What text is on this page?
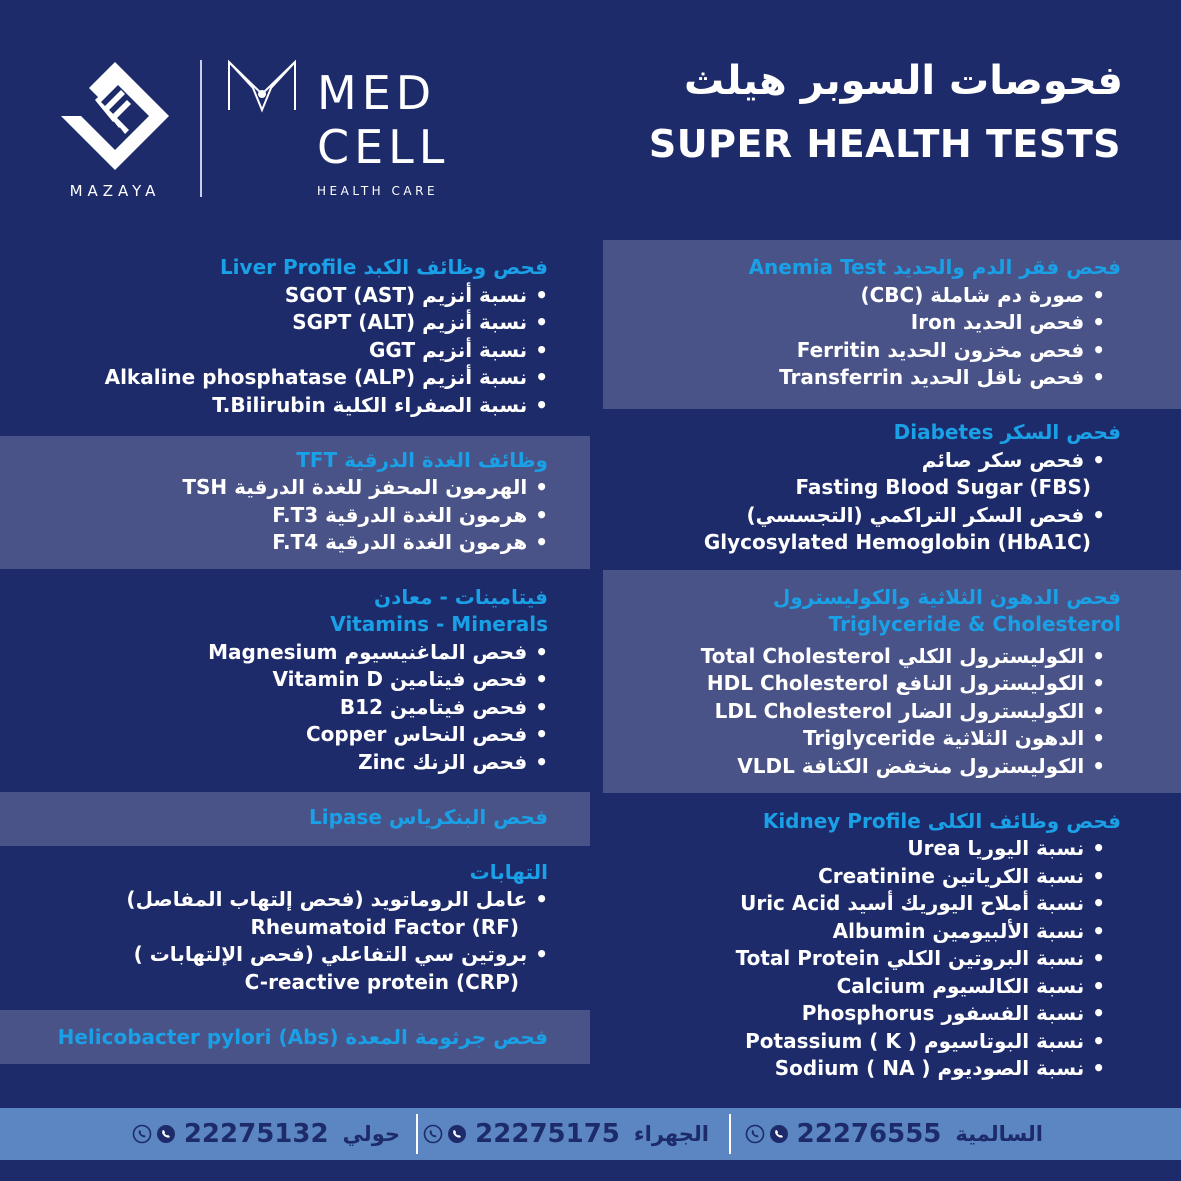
MAZAYA
MED
CELL
HEALTH CARE
فحوصات السوبر هيلث
SUPER HEALTH TESTS
فحص فقر الدم والحديد Anemia Test
•صورة دم شاملة (CBC)
•فحص الحديد Iron
•فحص مخزون الحديد Ferritin
•فحص ناقل الحديد Transferrin
فحص السكر Diabetes
•فحص سكر صائم
Fasting Blood Sugar (FBS)
•فحص السكر التراكمي (التجسسي)
Glycosylated Hemoglobin (HbA1C)
فحص الدهون الثلاثية والكوليسترول
Triglyceride & Cholesterol
•الكوليسترول الكلي Total Cholesterol
•الكوليسترول النافع HDL Cholesterol
•الكوليسترول الضار LDL Cholesterol
•الدهون الثلاثية Triglyceride
•الكوليسترول منخفض الكثافة VLDL
فحص وظائف الكلى Kidney Profile
•نسبة اليوريا Urea
•نسبة الكرياتين Creatinine
•نسبة أملاح اليوريك أسيد Uric Acid
•نسبة الألبيومين Albumin
•نسبة البروتين الكلي Total Protein
•نسبة الكالسيوم Calcium
•نسبة الفسفور Phosphorus
•نسبة البوتاسيوم ( Potassium ( K
•نسبة الصوديوم ( Sodium ( NA
فحص وظائف الكبد Liver Profile
•نسبة أنزيم (SGOT (AST
•نسبة أنزيم (SGPT (ALT
•نسبة أنزيم GGT
•نسبة أنزيم (Alkaline phosphatase (ALP
•نسبة الصفراء الكلية T.Bilirubin
وظائف الغدة الدرقية TFT
•الهرمون المحفز للغدة الدرقية TSH
•هرمون الغدة الدرقية F.T3
•هرمون الغدة الدرقية F.T4
فيتامينات - معادن
Vitamins - Minerals
•فحص الماغنيسيوم Magnesium
•فحص فيتامين Vitamin D
•فحص فيتامين B12
•فحص النحاس Copper
•فحص الزنك Zinc
فحص البنكرياس Lipase
التهابات
•عامل الروماتويد (فحص إلتهاب المفاصل)
Rheumatoid Factor (RF)
•بروتين سي التفاعلي (فحص الإلتهابات )
C-reactive protein (CRP)
فحص جرثومة المعدة Helicobacter pylori (Abs)
السالمية
22276555
الجهراء
22275175
حولي
22275132
